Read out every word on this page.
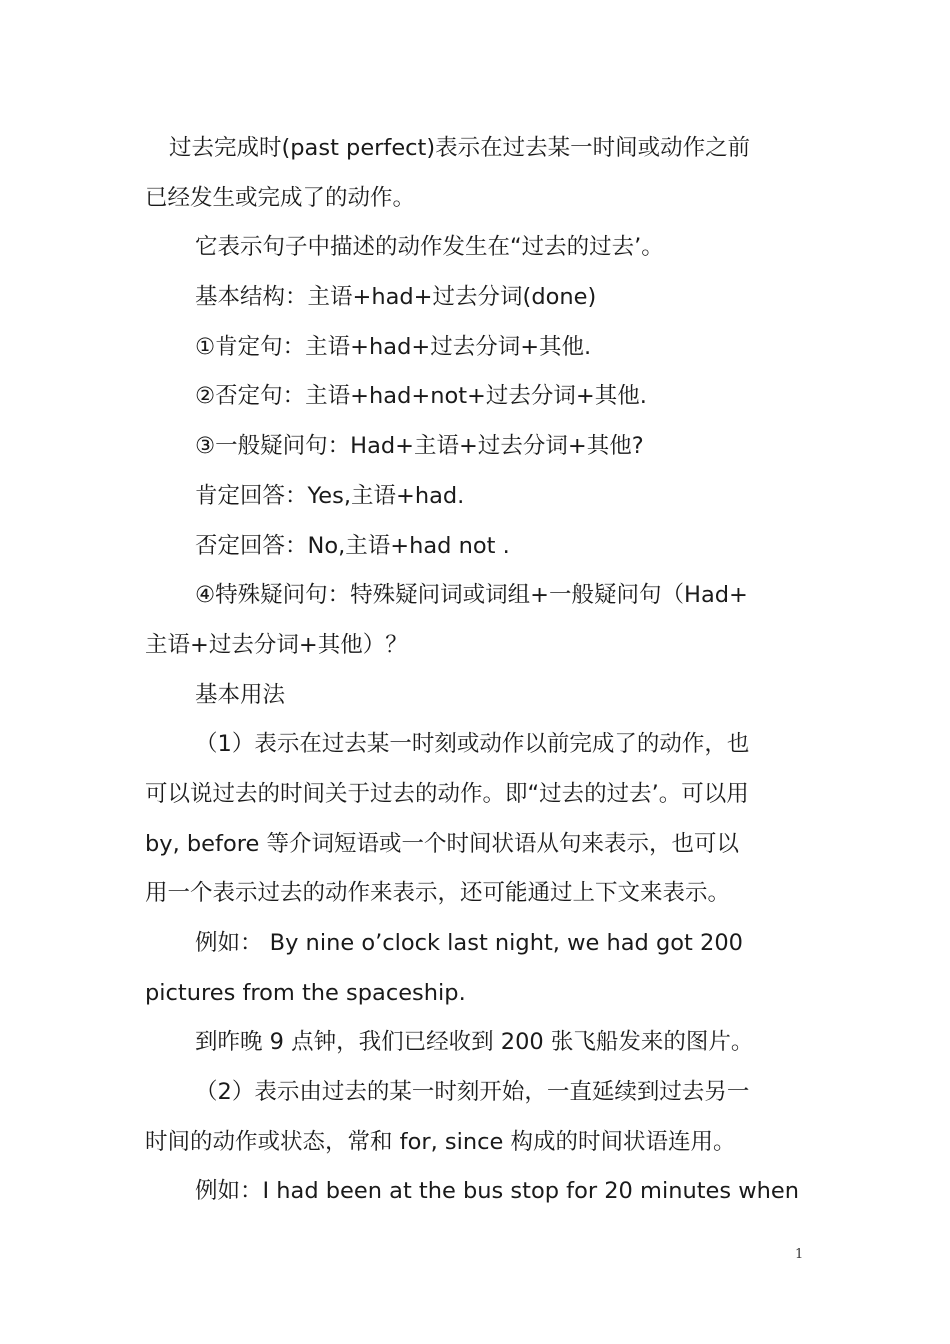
过去完成时(past perfect)表示在过去某一时间或动作之前
已经发生或完成了的动作。
它表示句子中描述的动作发生在“过去的过去’。
基本结构：主语+had+过去分词(done)
①肯定句：主语+had+过去分词+其他.
②否定句：主语+had+not+过去分词+其他.
③一般疑问句：Had+主语+过去分词+其他?
肯定回答：Yes,主语+had.
否定回答：No,主语+had not .
④特殊疑问句：特殊疑问词或词组+一般疑问句（Had+
主语+过去分词+其他）？
基本用法
（1）表示在过去某一时刻或动作以前完成了的动作，也
可以说过去的时间关于过去的动作。即“过去的过去’。可以用
by, before 等介词短语或一个时间状语从句来表示，也可以
用一个表示过去的动作来表示，还可能通过上下文来表示。
例如： By nine o’clock last night, we had got 200
pictures from the spaceship.
到昨晚 9 点钟，我们已经收到 200 张飞船发来的图片。
（2）表示由过去的某一时刻开始，一直延续到过去另一
时间的动作或状态，常和 for, since 构成的时间状语连用。
例如：I had been at the bus stop for 20 minutes when
1
